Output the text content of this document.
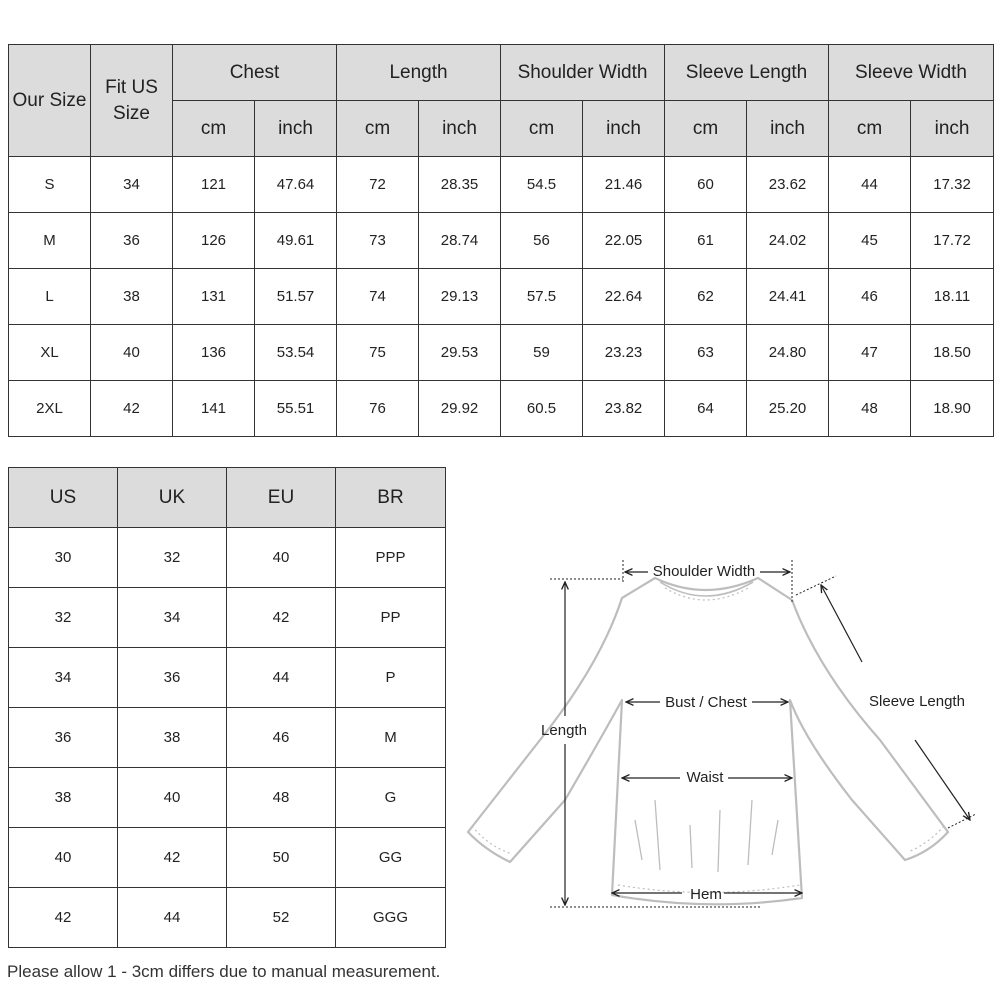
Our Size	Fit US Size	Chest		Length		Shoulder Width		Sleeve Length		Sleeve Width	
		cm	inch	cm	inch	cm	inch	cm	inch	cm	inch
S	34	121	47.64	72	28.35	54.5	21.46	60	23.62	44	17.32
M	36	126	49.61	73	28.74	56	22.05	61	24.02	45	17.72
L	38	131	51.57	74	29.13	57.5	22.64	62	24.41	46	18.11
XL	40	136	53.54	75	29.53	59	23.23	63	24.80	47	18.50
2XL	42	141	55.51	76	29.92	60.5	23.82	64	25.20	48	18.90
US	UK	EU	BR
30	32	40	PPP
32	34	42	PP
34	36	44	P
36	38	46	M
38	40	48	G
40	42	50	GG
42	44	52	GGG
Shoulder Width
Bust / Chest
Waist
Hem
Length
Sleeve Length
Please allow 1 - 3cm differs due to manual measurement.
